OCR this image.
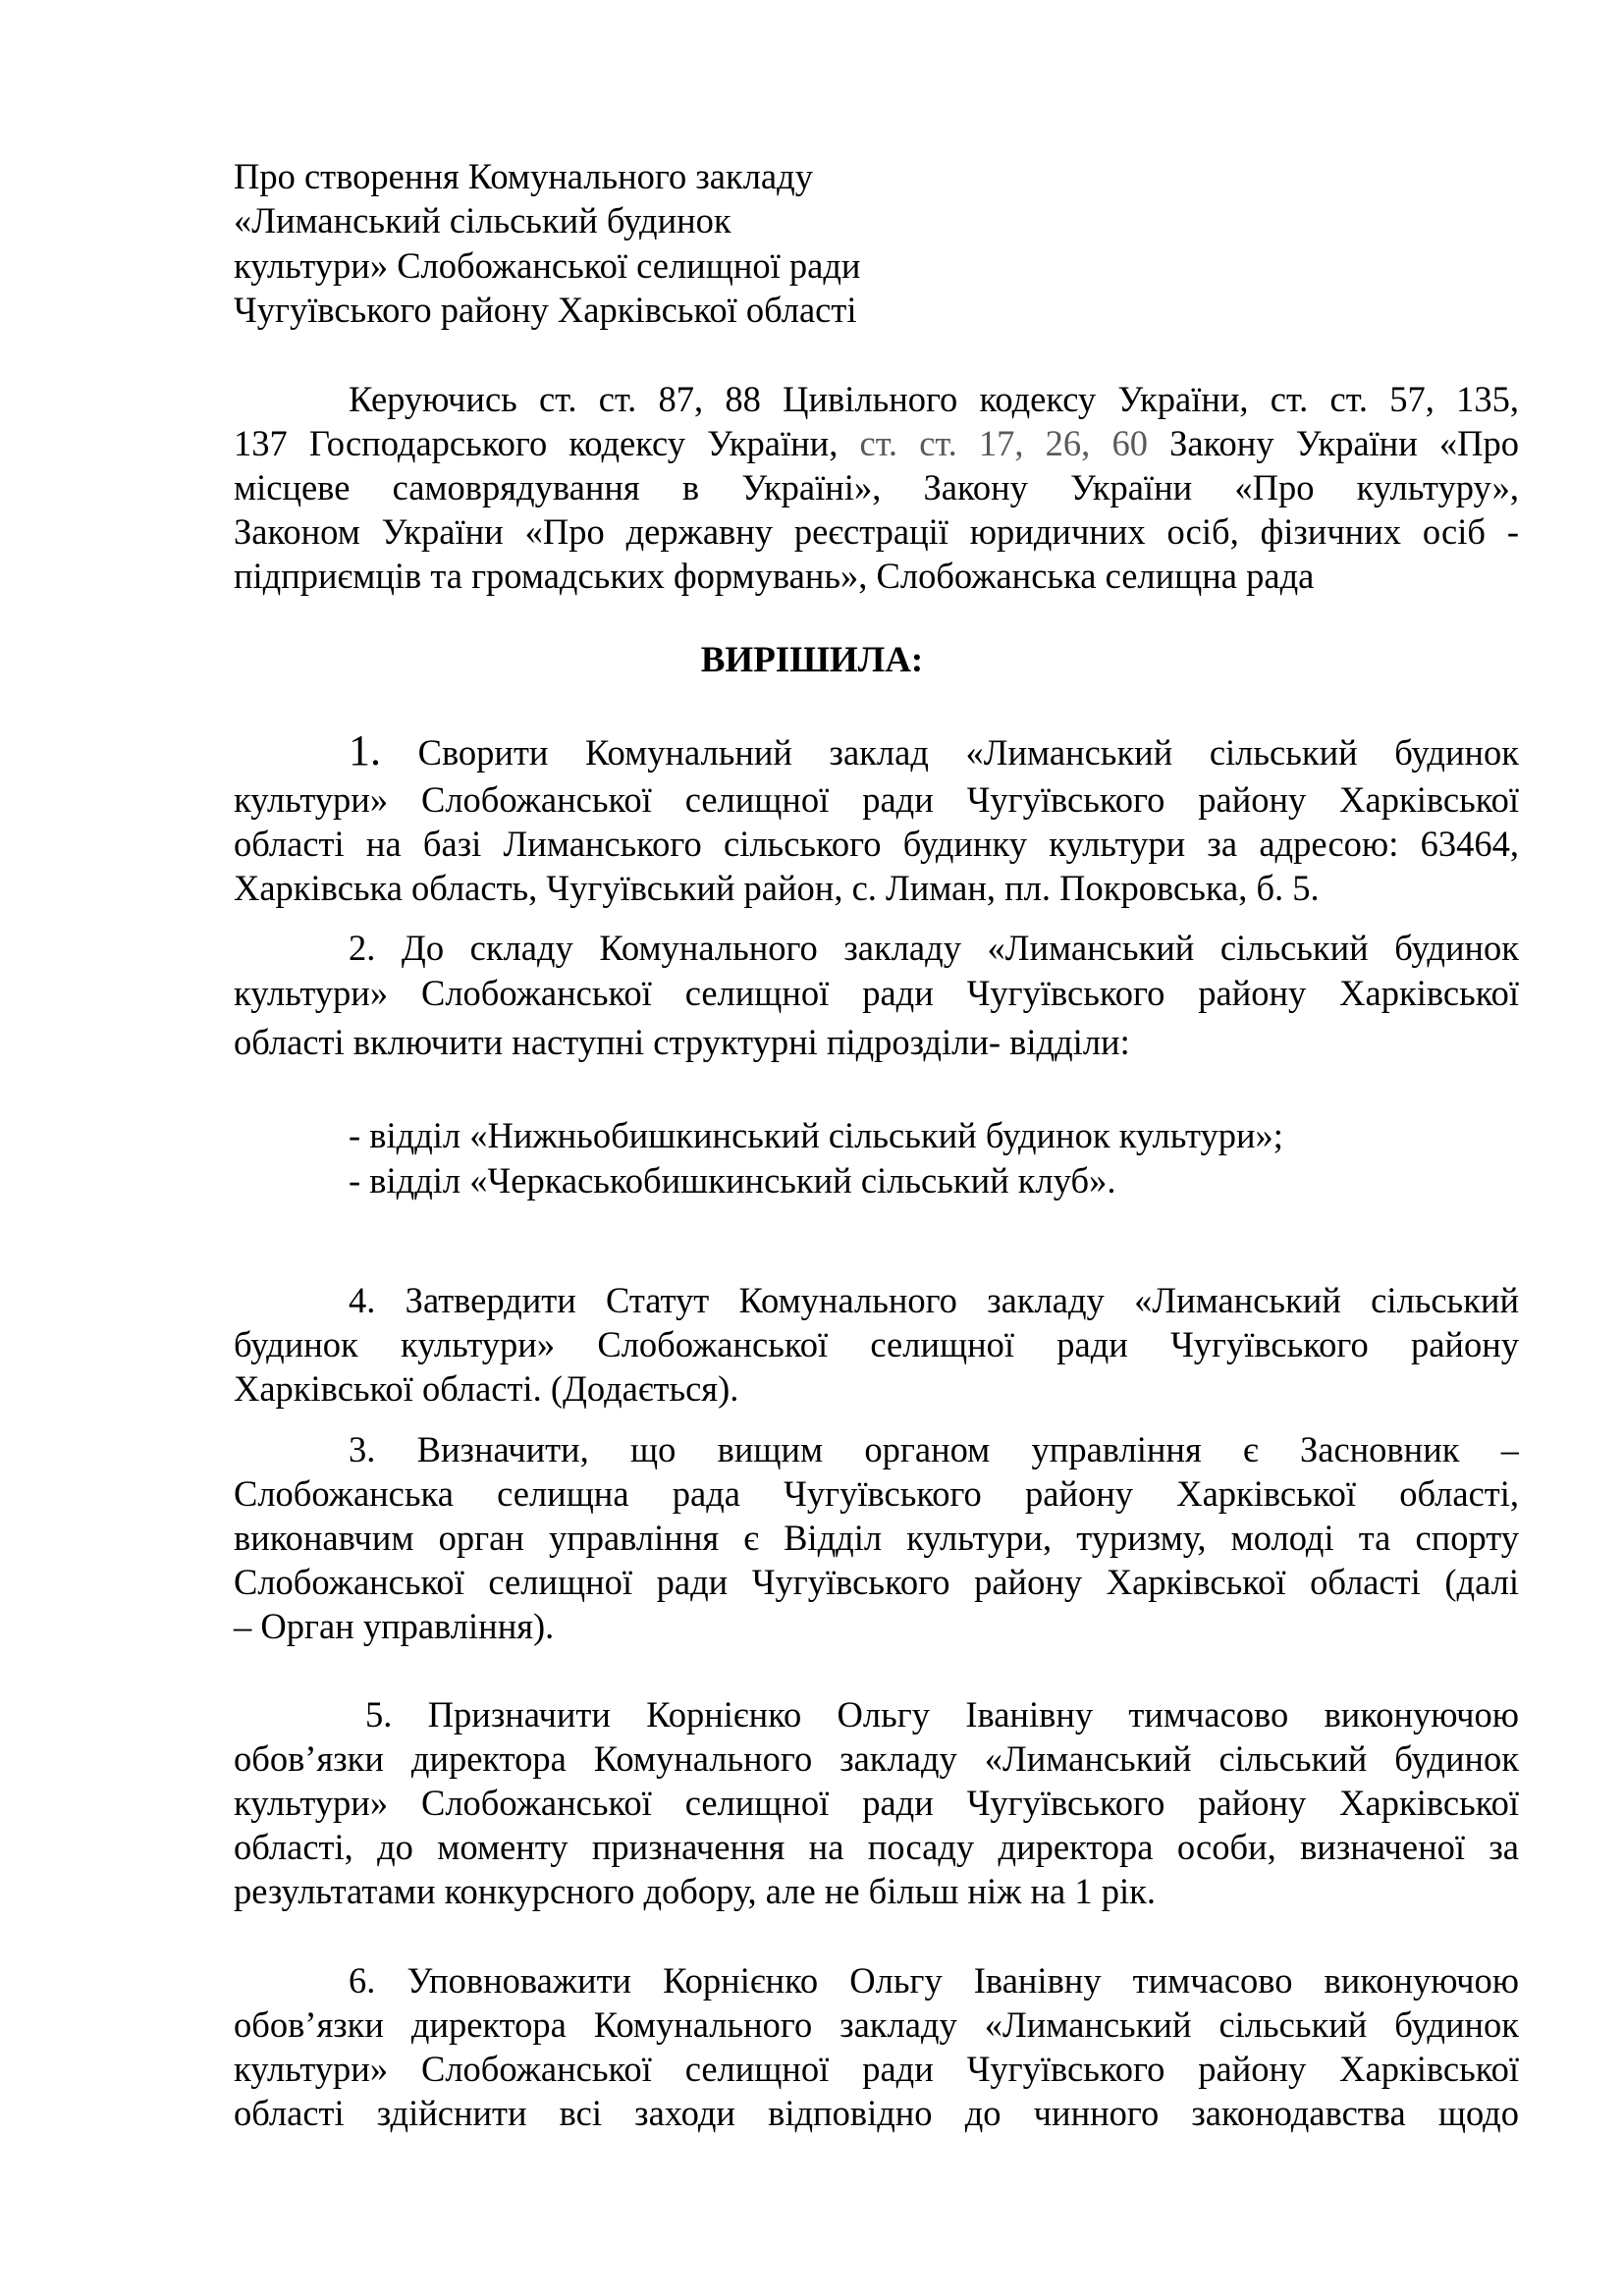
Про створення Комунального закладу
«Лиманський сільський будинок
культури» Слобожанської селищної ради
Чугуївського району Харківської області
Керуючись ст. ст. 87, 88 Цивільного кодексу України, ст. ст. 57, 135,
137 Господарського кодексу України, ст. ст. 17, 26, 60 Закону України «Про
місцеве самоврядування в Україні», Закону України «Про культуру»,
Законом України «Про державну реєстрації юридичних осіб, фізичних осіб -
підприємців та громадських формувань», Слобожанська селищна рада
ВИРІШИЛА:
1. Сворити Комунальний заклад «Лиманський сільський будинок
культури» Слобожанської селищної ради Чугуївського району Харківської
області на базі Лиманського сільського будинку культури за адресою: 63464,
Харківська область, Чугуївський район, с. Лиман, пл. Покровська, б. 5.
2. До складу Комунального закладу «Лиманський сільський будинок
культури» Слобожанської селищної ради Чугуївського району Харківської
області включити наступні структурні підрозділи- відділи:
- відділ «Нижньобишкинський сільський будинок культури»;
- відділ «Черкаськобишкинський сільський клуб».
4. Затвердити Статут Комунального закладу «Лиманський сільський
будинок культури» Слобожанської селищної ради Чугуївського району
Харківської області. (Додається).
3. Визначити, що вищим органом управління є Засновник –
Слобожанська селищна рада Чугуївського району Харківської області,
виконавчим орган управління є Відділ культури, туризму, молоді та спорту
Слобожанської селищної ради Чугуївського району Харківської області (далі
– Орган управління).
5. Призначити Корнієнко Ольгу Іванівну тимчасово виконуючою
обов’язки директора Комунального закладу «Лиманський сільський будинок
культури» Слобожанської селищної ради Чугуївського району Харківської
області, до моменту призначення на посаду директора особи, визначеної за
результатами конкурсного добору, але не більш ніж на 1 рік.
6. Уповноважити Корнієнко Ольгу Іванівну тимчасово виконуючою
обов’язки директора Комунального закладу «Лиманський сільський будинок
культури» Слобожанської селищної ради Чугуївського району Харківської
області здійснити всі заходи відповідно до чинного законодавства щодо
